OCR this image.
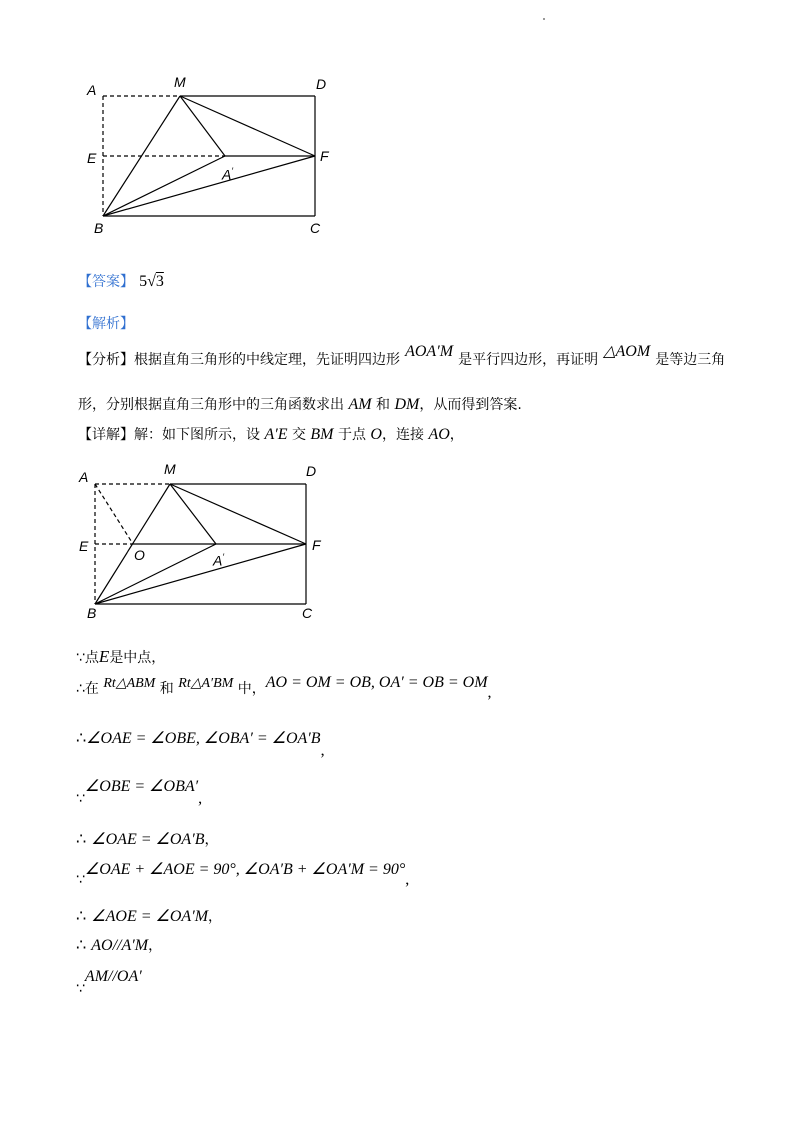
A	M	D
E	F
A′
B	C
【答案】 5√3
【解析】
【分析】根据直角三角形的中线定理，先证明四边形 AOA′M 是平行四边形，再证明 △AOM 是等边三角
形，分别根据直角三角形中的三角函数求出 AM 和 DM，从而得到答案.
【详解】解：如下图所示，设 A′E 交 BM 于点 O，连接 AO，
A	M	D
E
O	A′
F
B	C
∵点E是中点，
∴在 Rt△ABM 和 Rt△A′BM 中，AO = OM = OB, OA′ = OB = OM,
∴∠OAE = ∠OBE, ∠OBA′ = ∠OA′B,
∵∠OBE = ∠OBA′,
∴ ∠OAE = ∠OA′B，
∵∠OAE + ∠AOE = 90°, ∠OA′B + ∠OA′M = 90°,
∴ ∠AOE = ∠OA′M，
∴ AO//A′M，
∵AM//OA′
